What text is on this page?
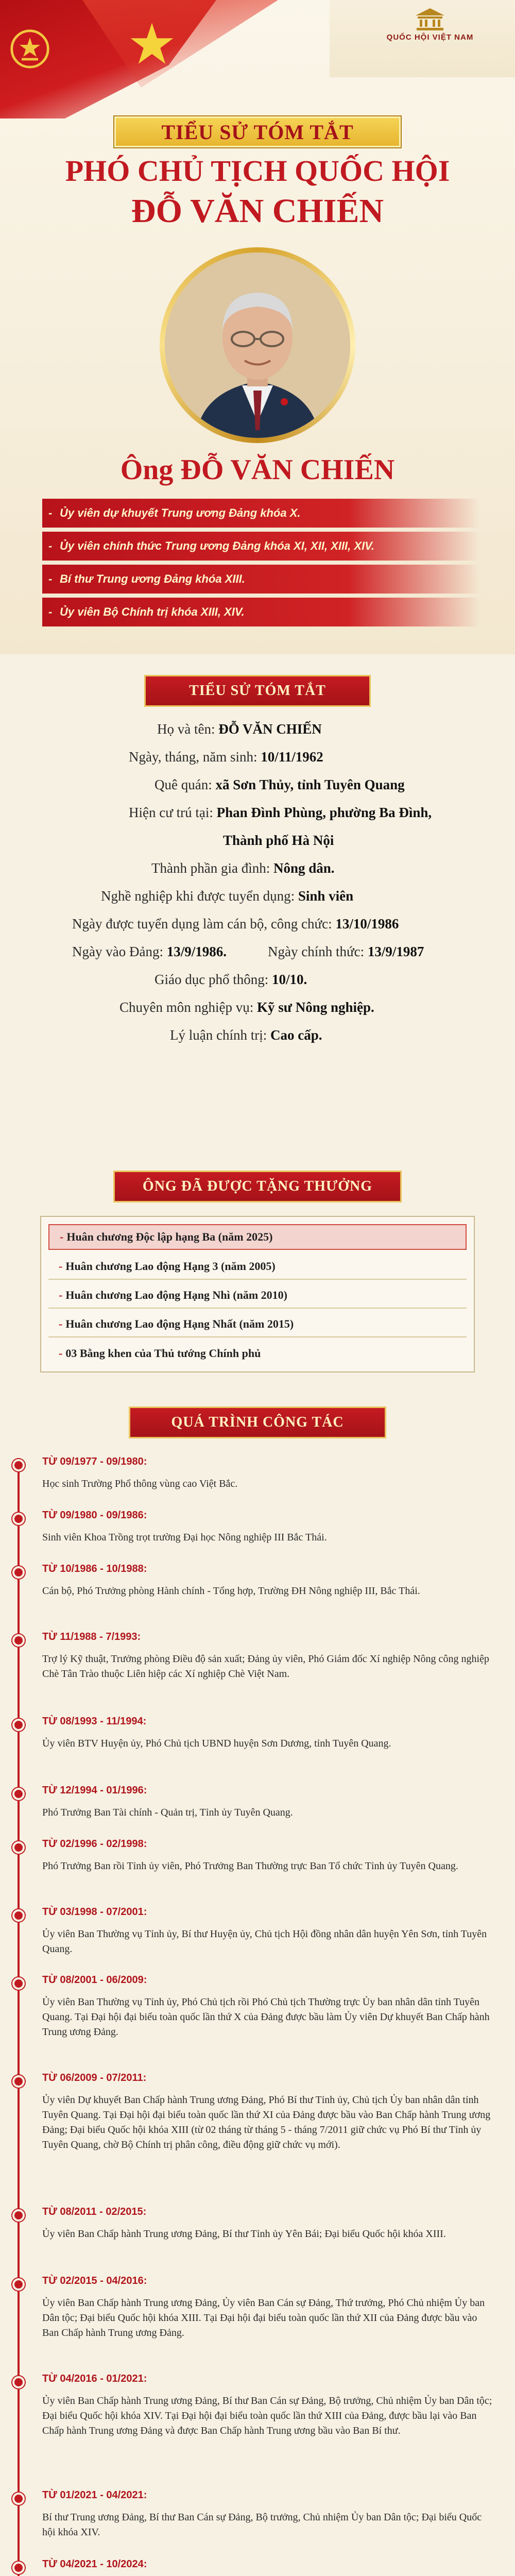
QUỐC HỘI VIỆT NAM
TIỂU SỬ TÓM TẮT
PHÓ CHỦ TỊCH QUỐC HỘI
ĐỖ VĂN CHIẾN
Ông ĐỖ VĂN CHIẾN
- Ủy viên dự khuyết Trung ương Đảng khóa X.
- Ủy viên chính thức Trung ương Đảng khóa XI, XII, XIII, XIV.
- Bí thư Trung ương Đảng khóa XIII.
- Ủy viên Bộ Chính trị khóa XIII, XIV.
TIỂU SỬ TÓM TẮT
Họ và tên: ĐỖ VĂN CHIẾN
Ngày, tháng, năm sinh: 10/11/1962
Quê quán: xã Sơn Thủy, tỉnh Tuyên Quang
Hiện cư trú tại: Phan Đình Phùng, phường Ba Đình,
Thành phố Hà Nội
Thành phần gia đình: Nông dân.
Nghề nghiệp khi được tuyển dụng: Sinh viên
Ngày được tuyển dụng làm cán bộ, công chức: 13/10/1986
Ngày vào Đảng: 13/9/1986.	Ngày chính thức: 13/9/1987
Giáo dục phổ thông: 10/10.
Chuyên môn nghiệp vụ: Kỹ sư Nông nghiệp.
Lý luận chính trị: Cao cấp.
ÔNG ĐÃ ĐƯỢC TẶNG THƯỞNG
- Huân chương Độc lập hạng Ba (năm 2025)
- Huân chương Lao động Hạng 3 (năm 2005)
- Huân chương Lao động Hạng Nhì (năm 2010)
- Huân chương Lao động Hạng Nhất (năm 2015)
- 03 Bằng khen của Thủ tướng Chính phủ
QUÁ TRÌNH CÔNG TÁC
TỪ 09/1977 - 09/1980:
Học sinh Trường Phổ thông vùng cao Việt Bắc.
TỪ 09/1980 - 09/1986:
Sinh viên Khoa Trồng trọt trường Đại học Nông nghiệp III Bắc Thái.
TỪ 10/1986 - 10/1988:
Cán bộ, Phó Trưởng phòng Hành chính - Tổng hợp, Trường ĐH Nông nghiệp III, Bắc Thái.
TỪ 11/1988 - 7/1993:
Trợ lý Kỹ thuật, Trưởng phòng Điều độ sản xuất; Đảng ủy viên, Phó Giám đốc Xí nghiệp Nông công nghiệp Chè Tân Trào thuộc Liên hiệp các Xí nghiệp Chè Việt Nam.
TỪ 08/1993 - 11/1994:
Ủy viên BTV Huyện ủy, Phó Chủ tịch UBND huyện Sơn Dương, tỉnh Tuyên Quang.
TỪ 12/1994 - 01/1996:
Phó Trưởng Ban Tài chính - Quản trị, Tỉnh ủy Tuyên Quang.
TỪ 02/1996 - 02/1998:
Phó Trưởng Ban rồi Tỉnh ủy viên, Phó Trưởng Ban Thường trực Ban Tổ chức Tỉnh ủy Tuyên Quang.
TỪ 03/1998 - 07/2001:
Ủy viên Ban Thường vụ Tỉnh ủy, Bí thư Huyện ủy, Chủ tịch Hội đồng nhân dân huyện Yên Sơn, tỉnh Tuyên Quang.
TỪ 08/2001 - 06/2009:
Ủy viên Ban Thường vụ Tỉnh ủy, Phó Chủ tịch rồi Phó Chủ tịch Thường trực Ủy ban nhân dân tỉnh Tuyên Quang. Tại Đại hội đại biểu toàn quốc lần thứ X của Đảng được bầu làm Ủy viên Dự khuyết Ban Chấp hành Trung ương Đảng.
TỪ 06/2009 - 07/2011:
Ủy viên Dự khuyết Ban Chấp hành Trung ương Đảng, Phó Bí thư Tỉnh ủy, Chủ tịch Ủy ban nhân dân tỉnh Tuyên Quang. Tại Đại hội đại biểu toàn quốc lần thứ XI của Đảng được bầu vào Ban Chấp hành Trung ương Đảng; Đại biểu Quốc hội khóa XIII (từ 02 tháng từ tháng 5 - tháng 7/2011 giữ chức vụ Phó Bí thư Tỉnh ủy Tuyên Quang, chờ Bộ Chính trị phân công, điều động giữ chức vụ mới).
TỪ 08/2011 - 02/2015:
Ủy viên Ban Chấp hành Trung ương Đảng, Bí thư Tỉnh ủy Yên Bái; Đại biểu Quốc hội khóa XIII.
TỪ 02/2015 - 04/2016:
Ủy viên Ban Chấp hành Trung ương Đảng, Ủy viên Ban Cán sự Đảng, Thứ trưởng, Phó Chủ nhiệm Ủy ban Dân tộc; Đại biểu Quốc hội khóa XIII. Tại Đại hội đại biểu toàn quốc lần thứ XII của Đảng được bầu vào Ban Chấp hành Trung ương Đảng.
TỪ 04/2016 - 01/2021:
Ủy viên Ban Chấp hành Trung ương Đảng, Bí thư Ban Cán sự Đảng, Bộ trưởng, Chủ nhiệm Ủy ban Dân tộc; Đại biểu Quốc hội khóa XIV. Tại Đại hội đại biểu toàn quốc lần thứ XIII của Đảng, được bầu lại vào Ban Chấp hành Trung ương Đảng và được Ban Chấp hành Trung ương bầu vào Ban Bí thư.
TỪ 01/2021 - 04/2021:
Bí thư Trung ương Đảng, Bí thư Ban Cán sự Đảng, Bộ trưởng, Chủ nhiệm Ủy ban Dân tộc; Đại biểu Quốc hội khóa XIV.
TỪ 04/2021 - 10/2024:
